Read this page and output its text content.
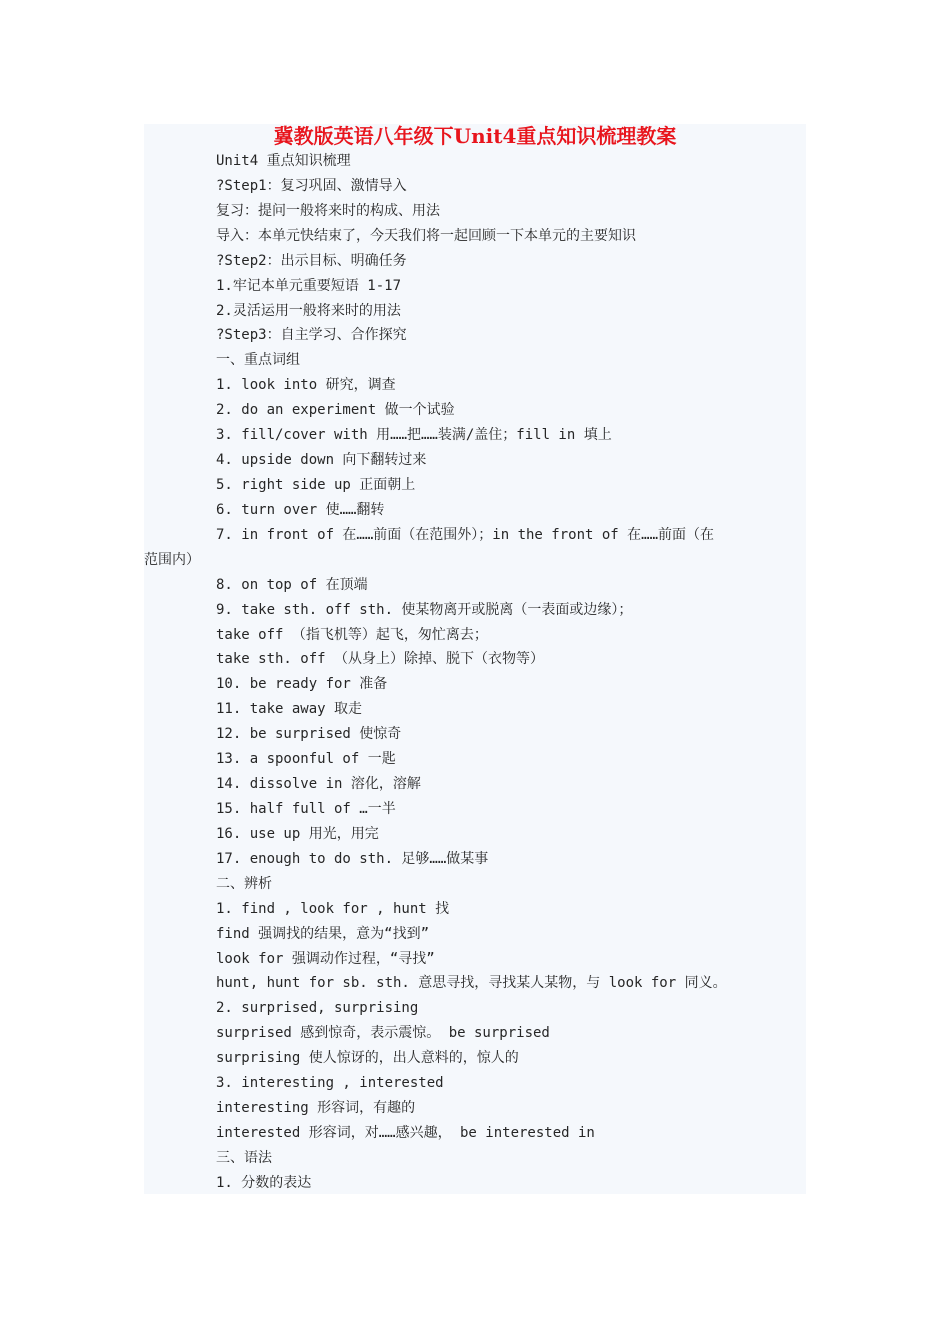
冀教版英语八年级下Unit4重点知识梳理教案
Unit4 重点知识梳理
?Step1：复习巩固、激情导入
复习：提问一般将来时的构成、用法
导入：本单元快结束了，今天我们将一起回顾一下本单元的主要知识
?Step2：出示目标、明确任务
1.牢记本单元重要短语 1-17
2.灵活运用一般将来时的用法
?Step3：自主学习、合作探究
一、重点词组
1. look into 研究，调查
2. do an experiment 做一个试验
3. fill/cover with 用……把……装满/盖住；fill in 填上
4. upside down 向下翻转过来
5. right side up 正面朝上
6. turn over 使……翻转
7. in front of 在……前面（在范围外）；in the front of 在……前面（在
范围内）
8. on top of 在顶端
9. take sth. off sth. 使某物离开或脱离（一表面或边缘）；
take off （指飞机等）起飞，匆忙离去；
take sth. off （从身上）除掉、脱下（衣物等）
10. be ready for 准备
11. take away 取走
12. be surprised 使惊奇
13. a spoonful of 一匙
14. dissolve in 溶化，溶解
15. half full of …一半
16. use up 用光，用完
17. enough to do sth. 足够……做某事
二、辨析
1. find , look for , hunt 找
find 强调找的结果，意为“找到”
look for 强调动作过程，“寻找”
hunt, hunt for sb. sth. 意思寻找，寻找某人某物，与 look for 同义。
2. surprised, surprising
surprised 感到惊奇，表示震惊。 be surprised
surprising 使人惊讶的，出人意料的，惊人的
3. interesting , interested
interesting 形容词，有趣的
interested 形容词，对……感兴趣， be interested in
三、语法
1. 分数的表达
